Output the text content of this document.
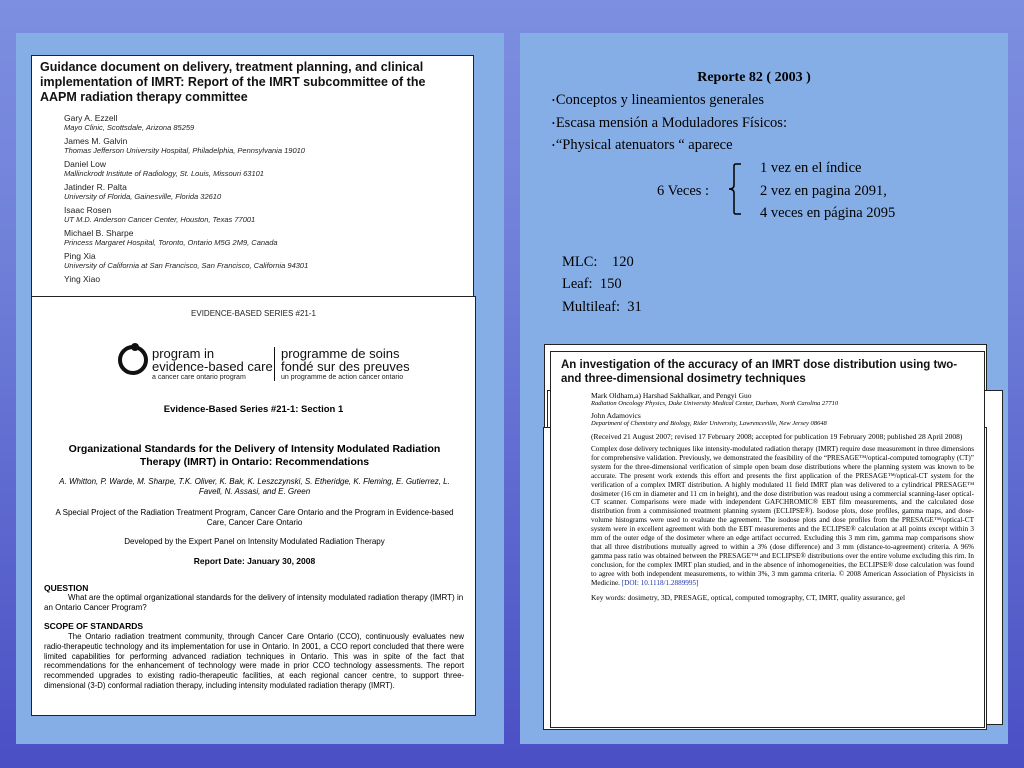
Guidance document on delivery, treatment planning, and clinical implementation of IMRT: Report of the IMRT subcommittee of the AAPM radiation therapy committee
Gary A. Ezzell
Mayo Clinic, Scottsdale, Arizona 85259
James M. Galvin
Thomas Jefferson University Hospital, Philadelphia, Pennsylvania 19010
Daniel Low
Mallinckrodt Institute of Radiology, St. Louis, Missouri 63101
Jatinder R. Palta
University of Florida, Gainesville, Florida 32610
Isaac Rosen
UT M.D. Anderson Cancer Center, Houston, Texas 77001
Michael B. Sharpe
Princess Margaret Hospital, Toronto, Ontario M5G 2M9, Canada
Ping Xia
University of California at San Francisco, San Francisco, California 94301
Ying Xiao
EVIDENCE-BASED SERIES #21-1
program in
evidence-based care
a cancer care ontario program
programme de soins
fondé sur des preuves
un programme de action cancer ontario
Evidence-Based Series #21-1: Section 1
Organizational Standards for the Delivery of Intensity Modulated Radiation Therapy (IMRT) in Ontario: Recommendations
A. Whitton, P. Warde, M. Sharpe, T.K. Oliver, K. Bak, K. Leszczynski, S. Etheridge, K. Fleming, E. Gutierrez, L. Favell, N. Assasi, and E. Green
A Special Project of the Radiation Treatment Program, Cancer Care Ontario and the Program in Evidence-based Care, Cancer Care Ontario
Developed by the Expert Panel on Intensity Modulated Radiation Therapy
Report Date: January 30, 2008
QUESTION
What are the optimal organizational standards for the delivery of intensity modulated radiation therapy (IMRT) in an Ontario Cancer Program?
SCOPE OF STANDARDS
The Ontario radiation treatment community, through Cancer Care Ontario (CCO), continuously evaluates new radio-therapeutic technology and its implementation for use in Ontario. In 2001, a CCO report concluded that there were limited capabilities for performing advanced radiation techniques in Ontario. This was in spite of the fact that recommendations for the enhancement of technology were made in prior CCO technology assessments. The report recommended upgrades to existing radio-therapeutic facilities, at each regional cancer centre, to support three-dimensional (3-D) conformal radiation therapy, including intensity modulated radiation therapy (IMRT).
Reporte 82 ( 2003 )
•Conceptos y lineamientos generales
•Escasa mensión a Moduladores Físicos:
•“Physical atenuators “ aparece
6 Veces :
1 vez en el índice
2 vez en pagina 2091,
4 veces en página 2095
MLC: 120
Leaf: 150
Multileaf: 31
An investigation of the accuracy of an IMRT dose distribution using two- and three-dimensional dosimetry techniques
Mark Oldham,a) Harshad Sakhalkar, and Pengyi Guo
Radiation Oncology Physics, Duke University Medical Center, Durham, North Carolina 27710
John Adamovics
Department of Chemistry and Biology, Rider University, Lawrenceville, New Jersey 08648
(Received 21 August 2007; revised 17 February 2008; accepted for publication 19 February 2008; published 28 April 2008)
Complex dose delivery techniques like intensity-modulated radiation therapy (IMRT) require dose measurement in three dimensions for comprehensive validation. Previously, we demonstrated the feasibility of the “PRESAGE™/optical-computed tomography (CT)” system for the three-dimensional verification of simple open beam dose distributions where the planning system was known to be accurate. The present work extends this effort and presents the first application of the PRESAGE™/optical-CT system for the verification of a complex IMRT distribution. A highly modulated 11 field IMRT plan was delivered to a cylindrical PRESAGE™ dosimeter (16 cm in diameter and 11 cm in height), and the dose distribution was readout using a commercial scanning-laser optical-CT scanner. Comparisons were made with independent GAFCHROMIC® EBT film measurements, and the calculated dose distribution from a commissioned treatment planning system (ECLIPSE®). Isodose plots, dose profiles, gamma maps, and dose-volume histograms were used to evaluate the agreement. The isodose plots and dose profiles from the PRESAGE™/optical-CT system were in excellent agreement with both the EBT measurements and the ECLIPSE® calculation at all points except within 3 mm of the outer edge of the dosimeter where an edge artifact occurred. Excluding this 3 mm rim, gamma map comparisons show that all three distributions mutually agreed to within a 3% (dose difference) and 3 mm (distance-to-agreement) criteria. A 96% gamma pass ratio was obtained between the PRESAGE™ and ECLIPSE® distributions over the entire volume excluding this rim. In conclusion, for the complex IMRT plan studied, and in the absence of inhomogeneities, the ECLIPSE® dose calculation was found to agree with both independent measurements, to within 3%, 3 mm gamma criteria. © 2008 American Association of Physicists in Medicine. [DOI: 10.1118/1.2889995]
Key words: dosimetry, 3D, PRESAGE, optical, computed tomography, CT, IMRT, quality assurance, gel
